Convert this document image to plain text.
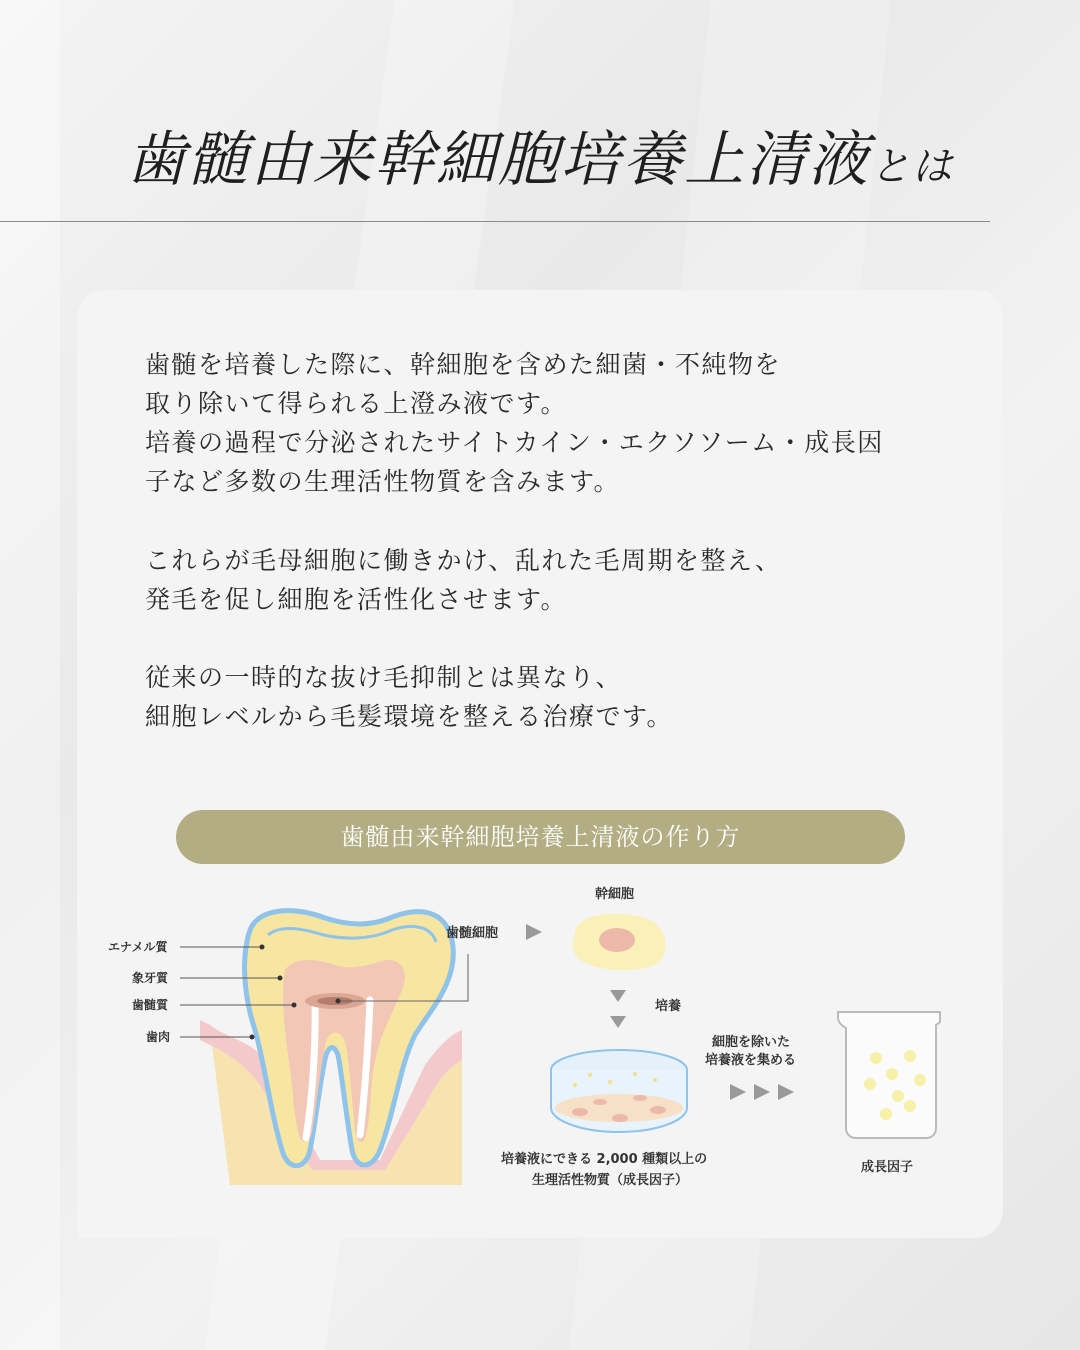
歯髄由来幹細胞培養上清液とは
歯髄を培養した際に、幹細胞を含めた細菌・不純物を
取り除いて得られる上澄み液です。
培養の過程で分泌されたサイトカイン・エクソソーム・成長因
子など多数の生理活性物質を含みます。
これらが毛母細胞に働きかけ、乱れた毛周期を整え、
発毛を促し細胞を活性化させます。
従来の一時的な抜け毛抑制とは異なり、
細胞レベルから毛髪環境を整える治療です。
歯髄由来幹細胞培養上清液の作り方
エナメル質
象牙質
歯髄質
歯肉
歯髄細胞
幹細胞
培養
培養液にできる 2,000 種類以上の
生理活性物質（成長因子）
細胞を除いた
培養液を集める
成長因子
